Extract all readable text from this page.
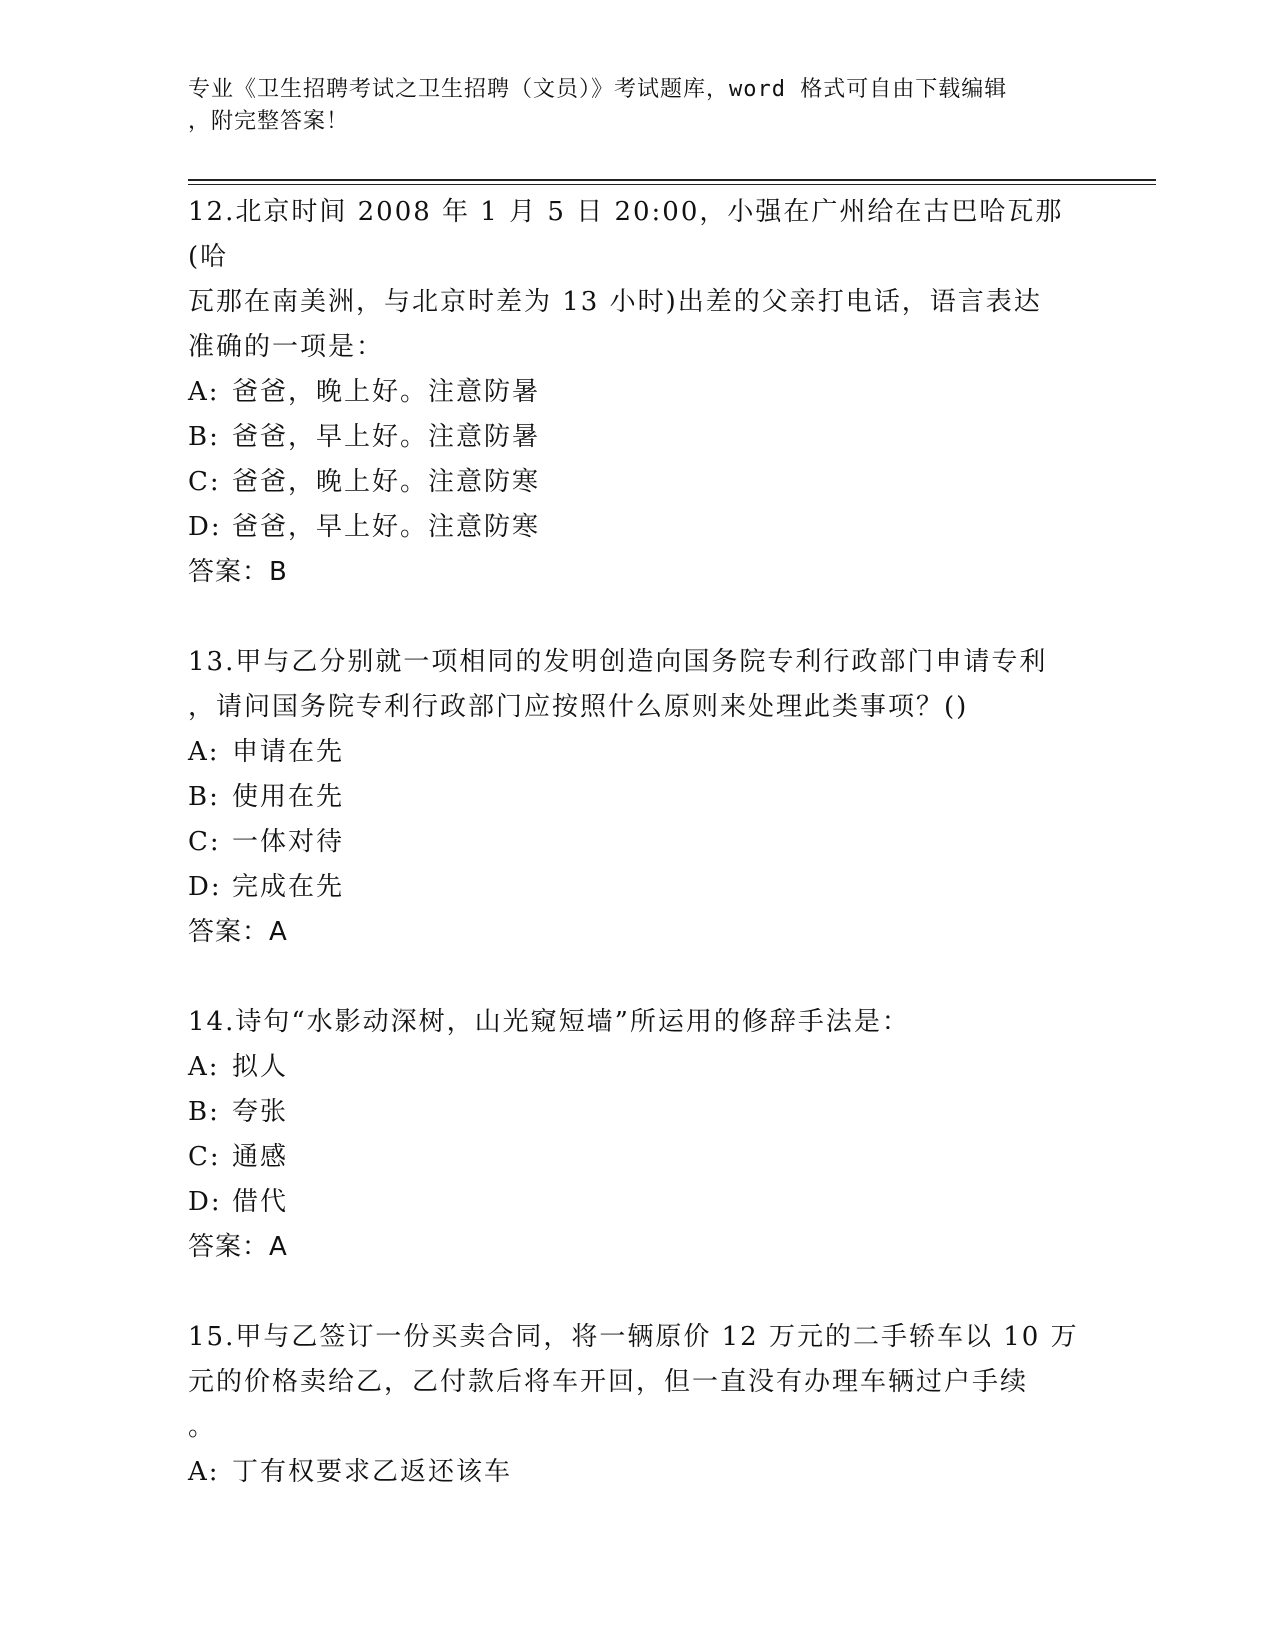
专业《卫生招聘考试之卫生招聘（文员）》考试题库，word 格式可自由下载编辑
，附完整答案！

12.北京时间 2008 年 1 月 5 日 20:00，小强在广州给在古巴哈瓦那(哈

瓦那在南美洲，与北京时差为 13 小时)出差的父亲打电话，语言表达

准确的一项是：

A: 爸爸，晚上好。注意防暑

B: 爸爸，早上好。注意防暑

C: 爸爸，晚上好。注意防寒

D: 爸爸，早上好。注意防寒

答案：B

13.甲与乙分别就一项相同的发明创造向国务院专利行政部门申请专利

，请问国务院专利行政部门应按照什么原则来处理此类事项？()

A: 申请在先

B: 使用在先

C: 一体对待

D: 完成在先

答案：A

14.诗句“水影动深树，山光窥短墙”所运用的修辞手法是：

A: 拟人

B: 夸张

C: 通感

D: 借代

答案：A

15.甲与乙签订一份买卖合同，将一辆原价 12 万元的二手轿车以 10 万

元的价格卖给乙，乙付款后将车开回，但一直没有办理车辆过户手续

。

A: 丁有权要求乙返还该车
